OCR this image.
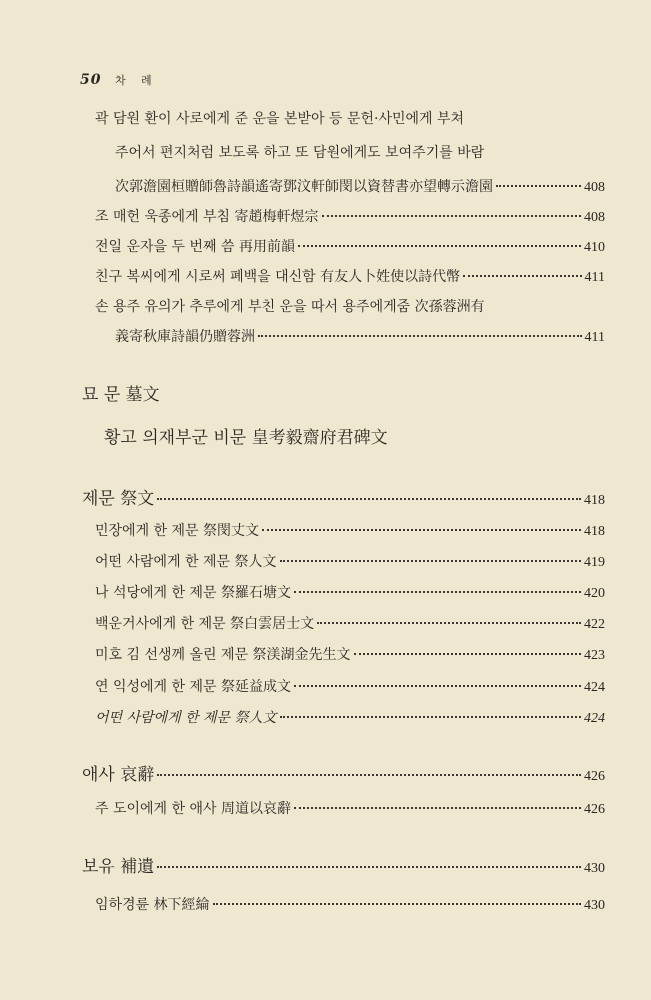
50 차 례
곽 담원 환이 사로에게 준 운을 본받아 등 문헌·사민에게 부쳐
주어서 편지처럼 보도록 하고 또 담원에게도 보여주기를 바람
次郭澹園桓贈師魯詩韻遙寄鄧汶軒師閔以資替書亦望轉示澹園	408
조 매헌 욱종에게 부침 寄趙梅軒煜宗	408
전일 운자을 두 번째 씀 再用前韻	410
친구 복씨에게 시로써 폐백을 대신함 有友人卜姓使以詩代幣	411
손 용주 유의가 추루에게 부친 운을 따서 용주에게줌 次孫蓉洲有
義寄秋庫詩韻仍贈蓉洲	411
묘 문 墓文
황고 의재부군 비문 皇考毅齋府君碑文
제문 祭文	418
민장에게 한 제문 祭閔丈文	418
어떤 사람에게 한 제문 祭人文	419
나 석당에게 한 제문 祭羅石塘文	420
백운거사에게 한 제문 祭白雲居士文	422
미호 김 선생께 올린 제문 祭渼湖金先生文	423
연 익성에게 한 제문 祭延益成文	424
어떤 사람에게 한 제문 祭人文	424
애사 哀辭	426
주 도이에게 한 애사 周道以哀辭	426
보유 補遺	430
임하경륜 林下經綸	430
